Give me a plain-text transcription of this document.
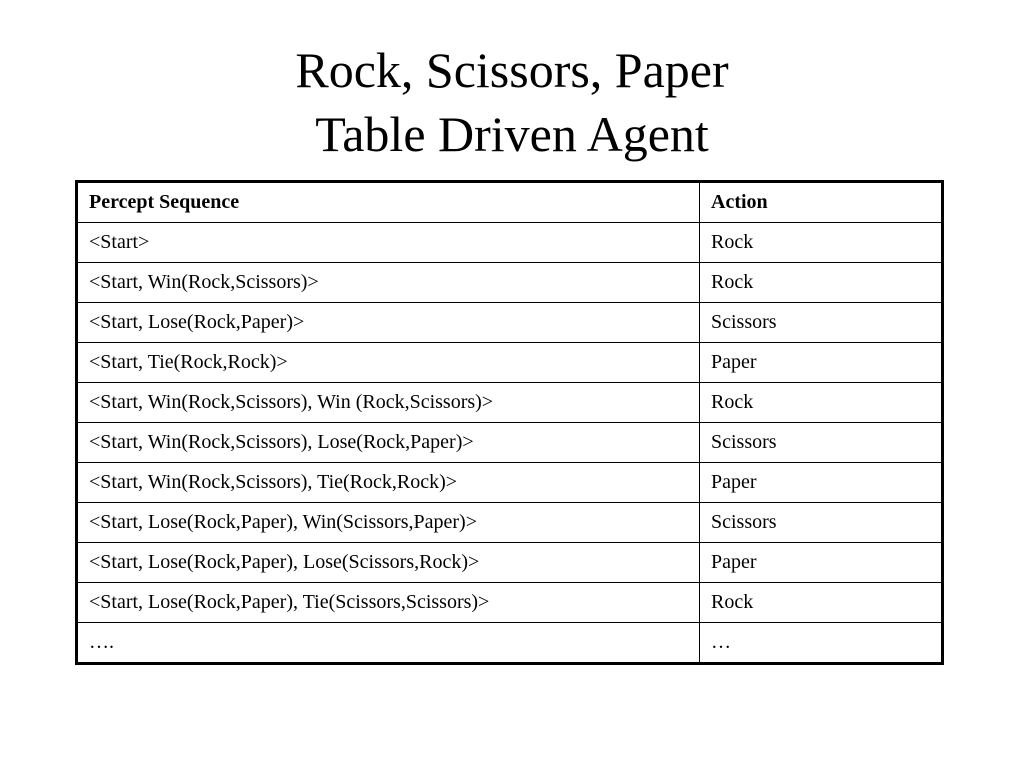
Rock, Scissors, Paper
Table Driven Agent
Percept Sequence	Action
<Start>	Rock
<Start, Win(Rock,Scissors)>	Rock
<Start, Lose(Rock,Paper)>	Scissors
<Start, Tie(Rock,Rock)>	Paper
<Start, Win(Rock,Scissors), Win (Rock,Scissors)>	Rock
<Start, Win(Rock,Scissors), Lose(Rock,Paper)>	Scissors
<Start, Win(Rock,Scissors), Tie(Rock,Rock)>	Paper
<Start, Lose(Rock,Paper), Win(Scissors,Paper)>	Scissors
<Start, Lose(Rock,Paper), Lose(Scissors,Rock)>	Paper
<Start, Lose(Rock,Paper), Tie(Scissors,Scissors)>	Rock
….	…
